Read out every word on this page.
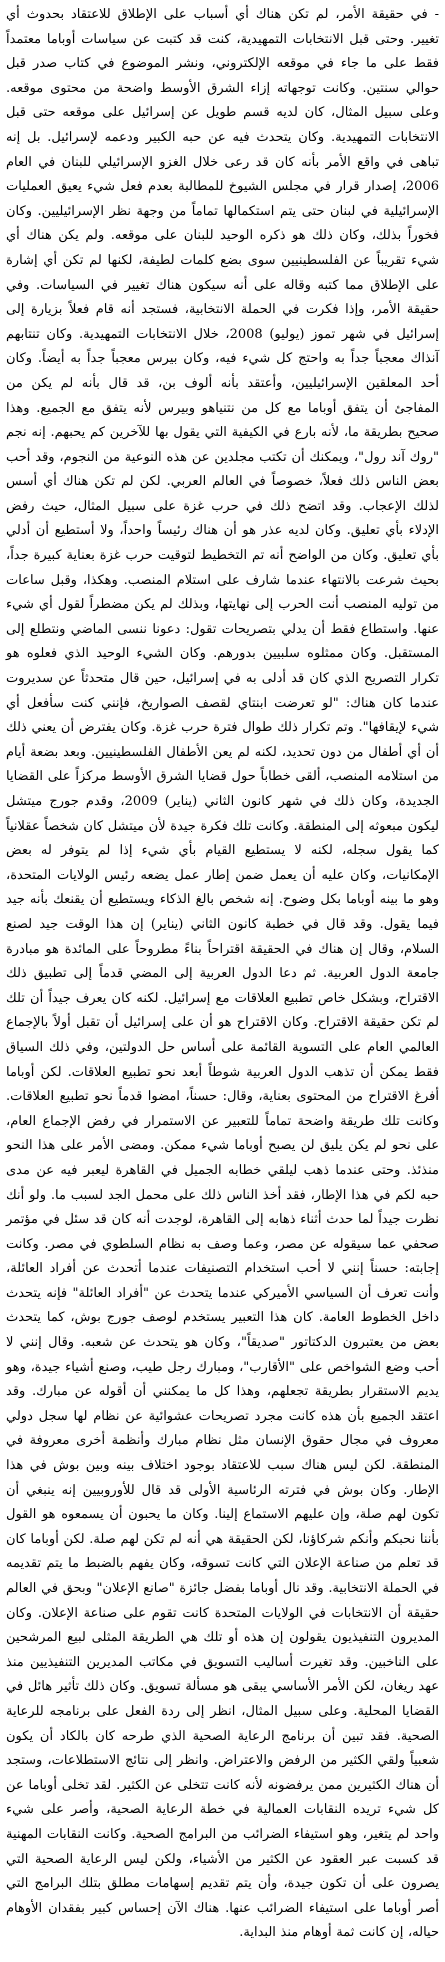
- في حقيقة الأمر، لم تكن هناك أي أسباب على الإطلاق للاعتقاد بحدوث أي تغيير. وحتى قبل الانتخابات التمهيدية، كنت قد كتبت عن سياسات أوباما معتمداً فقط على ما جاء في موقعه الإلكتروني، ونشر الموضوع في كتاب صدر قبل حوالي سنتين. وكانت توجهاته إزاء الشرق الأوسط واضحة من محتوى موقعه. وعلى سبيل المثال، كان لديه قسم طويل عن إسرائيل على موقعه حتى قبل الانتخابات التمهيدية. وكان يتحدث فيه عن حبه الكبير ودعمه لإسرائيل. بل إنه تباهى في واقع الأمر بأنه كان قد رعى خلال الغزو الإسرائيلي للبنان في العام 2006، إصدار قرار في مجلس الشيوخ للمطالبة بعدم فعل شيء يعيق العمليات الإسرائيلية في لبنان حتى يتم استكمالها تماماً من وجهة نظر الإسرائيليين. وكان فخوراً بذلك، وكان ذلك هو ذكره الوحيد للبنان على موقعه. ولم يكن هناك أي شيء تقريباً عن الفلسطينيين سوى بضع كلمات لطيفة، لكنها لم تكن أي إشارة على الإطلاق مما كتبه وقاله على أنه سيكون هناك تغيير في السياسات. وفي حقيقة الأمر، وإذا فكرت في الحملة الانتخابية، فستجد أنه قام فعلاً بزيارة إلى إسرائيل في شهر تموز (يوليو) 2008، خلال الانتخابات التمهيدية. وكان تنتابهم آنذاك معجباً جداً به واحتج كل شيء فيه، وكان بيرس معجباً جداً به أيضاً. وكان أحد المعلقين الإسرائيليين، وأعتقد بأنه ألوف بن، قد قال بأنه لم يكن من المفاجئ أن يتفق أوباما مع كل من نتنياهو وبيرس لأنه يتفق مع الجميع. وهذا صحيح بطريقة ما، لأنه بارع في الكيفية التي يقول بها للآخرين كم يحبهم. إنه نجم "روك آند رول"، ويمكنك أن تكتب مجلدين عن هذه النوعية من النجوم، وقد أحب بعض الناس ذلك فعلاً، خصوصاً في العالم العربي. لكن لم تكن هناك أي أسس لذلك الإعجاب. وقد اتضح ذلك في حرب غزة على سبيل المثال، حيث رفض الإدلاء بأي تعليق. وكان لديه عذر هو أن هناك رئيساً واحداً، ولا أستطيع أن أدلي بأي تعليق. وكان من الواضح أنه تم التخطيط لتوقيت حرب غزة بعناية كبيرة جداً، بحيث شرعت بالانتهاء عندما شارف على استلام المنصب. وهكذا، وقبل ساعات من توليه المنصب أنت الحرب إلى نهايتها، وبذلك لم يكن مضطراً لقول أي شيء عنها. واستطاع فقط أن يدلي بتصريحات تقول: دعونا ننسى الماضي ونتطلع إلى المستقبل. وكان ممثلوه سلبيين بدورهم. وكان الشيء الوحيد الذي فعلوه هو تكرار التصريح الذي كان قد أدلى به في إسرائيل، حين قال متحدثاً عن سديروت عندما كان هناك: "لو تعرضت ابنتاي لقصف الصواريخ، فإنني كنت سأفعل أي شيء لإيقافها". وتم تكرار ذلك طوال فترة حرب غزة. وكان يفترض أن يعني ذلك أن أي أطفال من دون تحديد، لكنه لم يعن الأطفال الفلسطينيين. وبعد بضعة أيام من استلامه المنصب، ألقى خطاباً حول قضايا الشرق الأوسط مركزاً على القضايا الجديدة، وكان ذلك في شهر كانون الثاني (يناير) 2009، وقدم جورج ميتشل ليكون مبعوثه إلى المنطقة. وكانت تلك فكرة جيدة لأن ميتشل كان شخصاً عقلانياً كما يقول سجله، لكنه لا يستطيع القيام بأي شيء إذا لم يتوفر له بعض الإمكانيات، وكان عليه أن يعمل ضمن إطار عمل يضعه رئيس الولايات المتحدة، وهو ما بينه أوباما بكل وضوح. إنه شخص بالغ الذكاء ويستطيع أن يقنعك بأنه جيد فيما يقول. وقد قال في خطبة كانون الثاني (يناير) إن هذا الوقت جيد لصنع السلام، وقال إن هناك في الحقيقة اقتراحاً بناءً مطروحاً على المائدة هو مبادرة جامعة الدول العربية. ثم دعا الدول العربية إلى المضي قدماً إلى تطبيق ذلك الاقتراح، وبشكل خاص تطبيع العلاقات مع إسرائيل. لكنه كان يعرف جيداً أن تلك لم تكن حقيقة الاقتراح. وكان الاقتراح هو أن على إسرائيل أن تقبل أولاً بالإجماع العالمي العام على التسوية القائمة على أساس حل الدولتين، وفي ذلك السياق فقط يمكن أن تذهب الدول العربية شوطاً أبعد نحو تطبيع العلاقات. لكن أوباما أفرغ الاقتراح من المحتوى بعناية، وقال: حسناً، امضوا قدماً نحو تطبيع العلاقات. وكانت تلك طريقة واضحة تماماً للتعبير عن الاستمرار في رفض الإجماع العام، على نحو لم يكن يليق لن يصبح أوباما شيء ممكن. ومضى الأمر على هذا النحو منذئذ. وحتى عندما ذهب ليلقي خطابه الجميل في القاهرة ليعبر فيه عن مدى حبه لكم في هذا الإطار، فقد أخذ الناس ذلك على محمل الجد لسبب ما. ولو أنك نظرت جيداً لما حدث أثناء ذهابه إلى القاهرة، لوجدت أنه كان قد سئل في مؤتمر صحفي عما سيقوله عن مصر، وعما وصف به نظام السلطوي في مصر. وكانت إجابته: حسناً إنني لا أحب استخدام التصنيفات عندما أتحدث عن أفراد العائلة، وأنت تعرف أن السياسي الأميركي عندما يتحدث عن "أفراد العائلة" فإنه يتحدث داخل الخطوط العامة. كان هذا التعبير يستخدم لوصف جورج بوش، كما يتحدث بعض من يعتبرون الدكتاتور "صديقاً"، وكان هو يتحدث عن شعبه. وقال إنني لا أحب وضع الشواخص على "الأقارب"، ومبارك رجل طيب، وصنع أشياء جيدة، وهو يديم الاستقرار بطريقة تجعلهم، وهذا كل ما يمكنني أن أقوله عن مبارك. وقد اعتقد الجميع بأن هذه كانت مجرد تصريحات عشوائية عن نظام لها سجل دولي معروف في مجال حقوق الإنسان مثل نظام مبارك وأنظمة أخرى معروفة في المنطقة. لكن ليس هناك سبب للاعتقاد بوجود اختلاف بينه وبين بوش في هذا الإطار. وكان بوش في فترته الرئاسية الأولى قد قال للأوروبيين إنه ينبغي أن تكون لهم صلة، وإن عليهم الاستماع إلينا. وكان ما يحبون أن يسمعوه هو القول بأننا نحبكم وأنكم شركاؤنا، لكن الحقيقة هي أنه لم تكن لهم صلة. لكن أوباما كان قد تعلم من صناعة الإعلان التي كانت تسوقه، وكان يفهم بالضبط ما يتم تقديمه في الحملة الانتخابية. وقد نال أوباما بفضل جائزة "صانع الإعلان" وبحق في العالم حقيقة أن الانتخابات في الولايات المتحدة كانت تقوم على صناعة الإعلان. وكان المديرون التنفيذيون يقولون إن هذه أو تلك هي الطريقة المثلى لبيع المرشحين على الناخبين. وقد تغيرت أساليب التسويق في مكاتب المديرين التنفيذيين منذ عهد ريغان، لكن الأمر الأساسي يبقى هو مسألة تسويق. وكان ذلك تأثير هائل في القضايا المحلية. وعلى سبيل المثال، انظر إلى ردة الفعل على برنامجه للرعاية الصحية. فقد تبين أن برنامج الرعاية الصحية الذي طرحه كان بالكاد أن يكون شعبياً ولقي الكثير من الرفض والاعتراض. وانظر إلى نتائج الاستطلاعات، وستجد أن هناك الكثيرين ممن يرفضونه لأنه كانت تتخلى عن الكثير. لقد تخلى أوباما عن كل شيء تريده النقابات العمالية في خطة الرعاية الصحية، وأصر على شيء واحد لم يتغير، وهو استيفاء الضرائب من البرامج الصحية. وكانت النقابات المهنية قد كسبت عبر العقود عن الكثير من الأشياء، ولكن ليس الرعاية الصحية التي يصرون على أن تكون جيدة، وأن يتم تقديم إسهامات مطلق بتلك البرامج التي أصر أوباما على استيفاء الضرائب عنها. هناك الآن إحساس كبير بفقدان الأوهام حياله، إن كانت ثمة أوهام منذ البداية.
